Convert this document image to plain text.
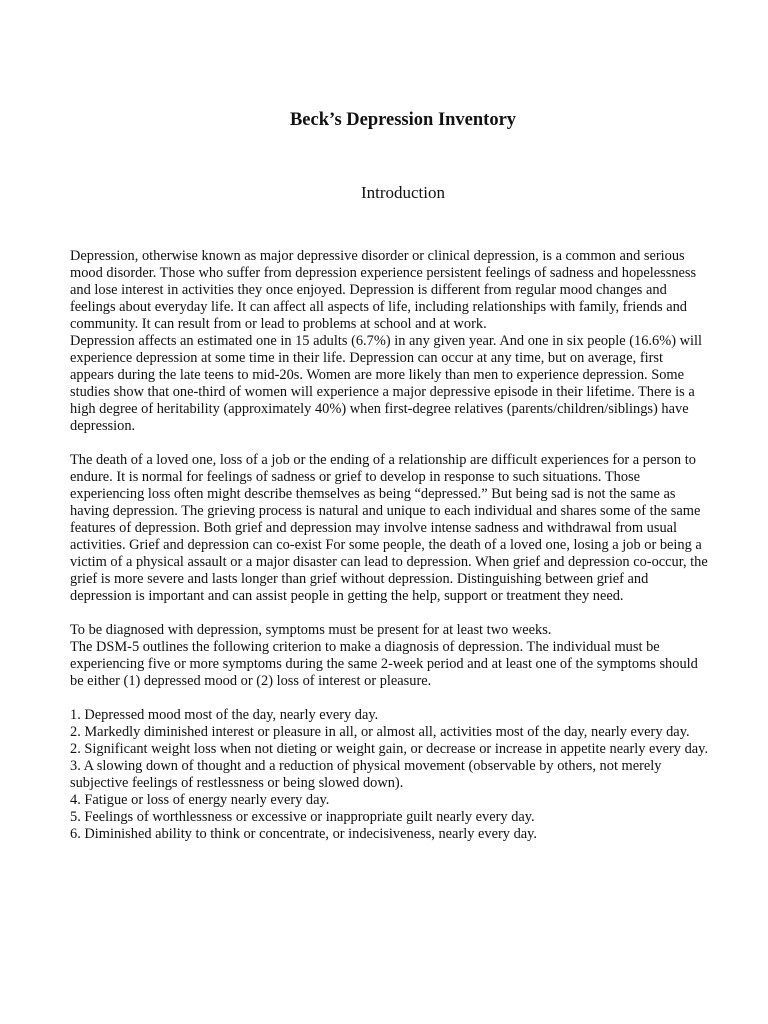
Beck’s Depression Inventory
Introduction

Depression, otherwise known as major depressive disorder or clinical depression, is a common and serious mood disorder. Those who suffer from depression experience persistent feelings of sadness and hopelessness and lose interest in activities they once enjoyed. Depression is different from regular mood changes and feelings about everyday life. It can affect all aspects of life, including relationships with family, friends and community. It can result from or lead to problems at school and at work.

Depression affects an estimated one in 15 adults (6.7%) in any given year. And one in six people (16.6%) will experience depression at some time in their life. Depression can occur at any time, but on average, first appears during the late teens to mid-20s. Women are more likely than men to experience depression. Some studies show that one-third of women will experience a major depressive episode in their lifetime. There is a high degree of heritability (approximately 40%) when first-degree relatives (parents/children/siblings) have depression.

The death of a loved one, loss of a job or the ending of a relationship are difficult experiences for a person to endure. It is normal for feelings of sadness or grief to develop in response to such situations. Those experiencing loss often might describe themselves as being “depressed.” But being sad is not the same as having depression. The grieving process is natural and unique to each individual and shares some of the same features of depression. Both grief and depression may involve intense sadness and withdrawal from usual activities. Grief and depression can co-exist For some people, the death of a loved one, losing a job or being a victim of a physical assault or a major disaster can lead to depression. When grief and depression co-occur, the grief is more severe and lasts longer than grief without depression. Distinguishing between grief and depression is important and can assist people in getting the help, support or treatment they need.

To be diagnosed with depression, symptoms must be present for at least two weeks.

The DSM-5 outlines the following criterion to make a diagnosis of depression. The individual must be experiencing five or more symptoms during the same 2-week period and at least one of the symptoms should be either (1) depressed mood or (2) loss of interest or pleasure.

1. Depressed mood most of the day, nearly every day.
2. Markedly diminished interest or pleasure in all, or almost all, activities most of the day, nearly every day.
2. Significant weight loss when not dieting or weight gain, or decrease or increase in appetite nearly every day.
3. A slowing down of thought and a reduction of physical movement (observable by others, not merely subjective feelings of restlessness or being slowed down).
4. Fatigue or loss of energy nearly every day.
5. Feelings of worthlessness or excessive or inappropriate guilt nearly every day.
6. Diminished ability to think or concentrate, or indecisiveness, nearly every day.
